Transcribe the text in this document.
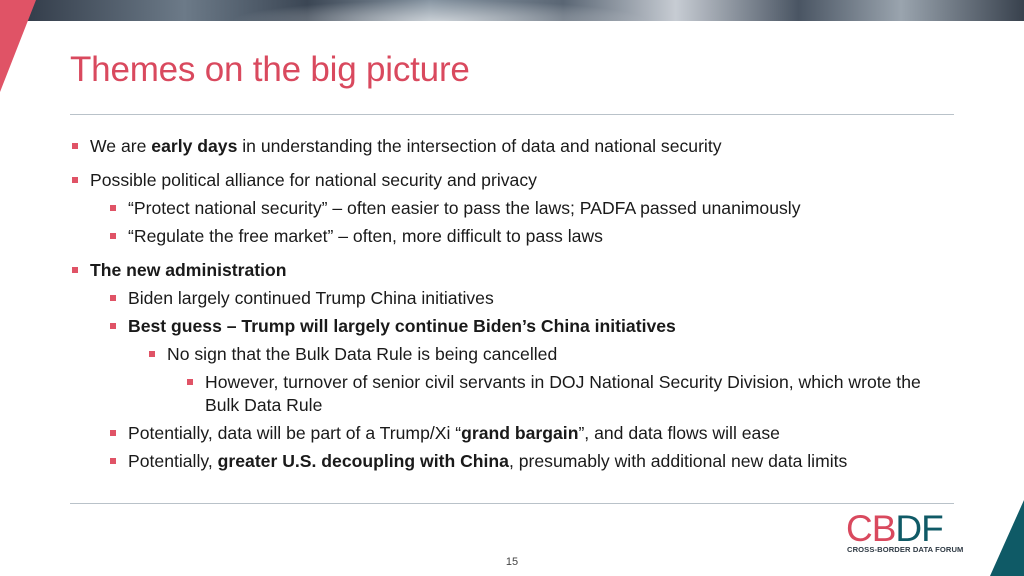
Themes on the big picture
We are early days in understanding the intersection of data and national security
Possible political alliance for national security and privacy
“Protect national security” – often easier to pass the laws; PADFA passed unanimously
“Regulate the free market” – often, more difficult to pass laws
The new administration
Biden largely continued Trump China initiatives
Best guess – Trump will largely continue Biden’s China initiatives
No sign that the Bulk Data Rule is being cancelled
However, turnover of senior civil servants in DOJ National Security Division, which wrote the Bulk Data Rule
Potentially, data will be part of a Trump/Xi “grand bargain”, and data flows will ease
Potentially, greater U.S. decoupling with China, presumably with additional new data limits
CBDF
CROSS-BORDER DATA FORUM
15
